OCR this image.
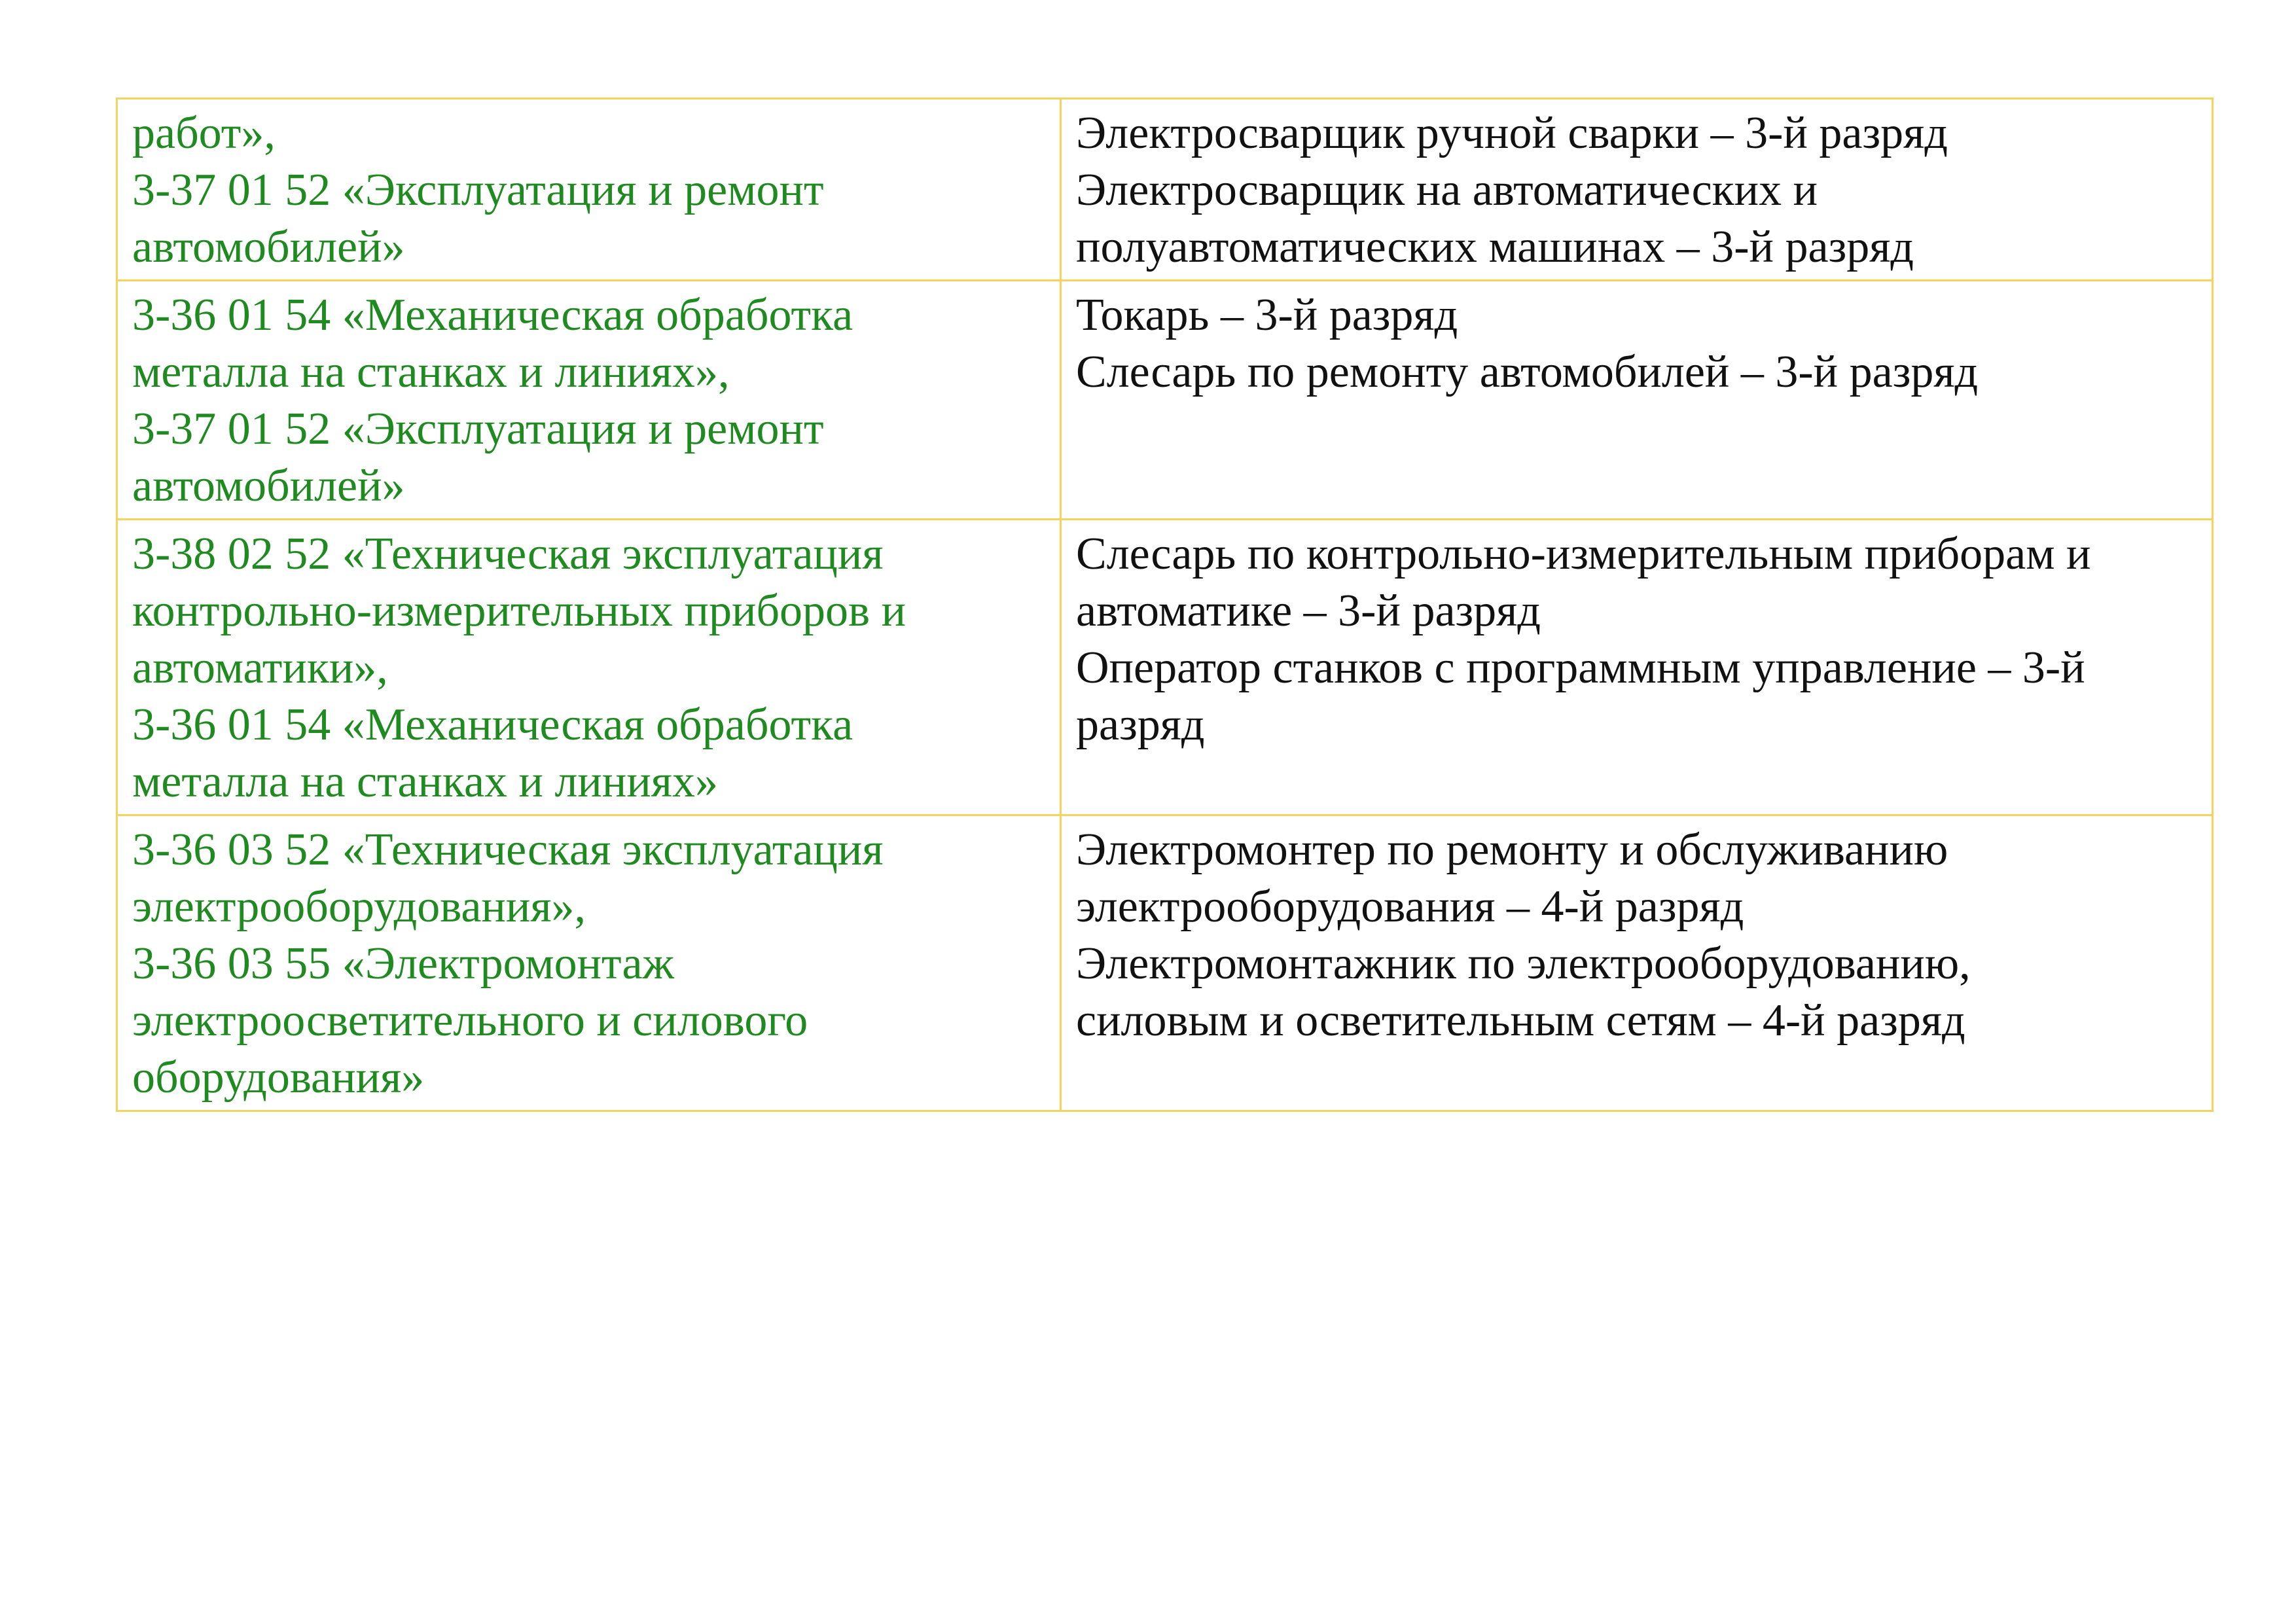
работ»,
3-37 01 52 «Эксплуатация и ремонт
автомобилей»	Электросварщик ручной сварки – 3-й разряд
Электросварщик на автоматических и
полуавтоматических машинах – 3-й разряд

3-36 01 54 «Механическая обработка
металла на станках и линиях»,
3-37 01 52 «Эксплуатация и ремонт
автомобилей»	Токарь – 3-й разряд
Слесарь по ремонту автомобилей – 3-й разряд

3-38 02 52 «Техническая эксплуатация
контрольно-измерительных приборов и
автоматики»,
3-36 01 54 «Механическая обработка
металла на станках и линиях»	Слесарь по контрольно-измерительным приборам и
автоматике – 3-й разряд
Оператор станков с программным управление – 3-й
разряд

3-36 03 52 «Техническая эксплуатация
электрооборудования»,
3-36 03 55 «Электромонтаж
электроосветительного и силового
оборудования»	Электромонтер по ремонту и обслуживанию
электрооборудования – 4-й разряд
Электромонтажник по электрооборудованию,
силовым и осветительным сетям – 4-й разряд
